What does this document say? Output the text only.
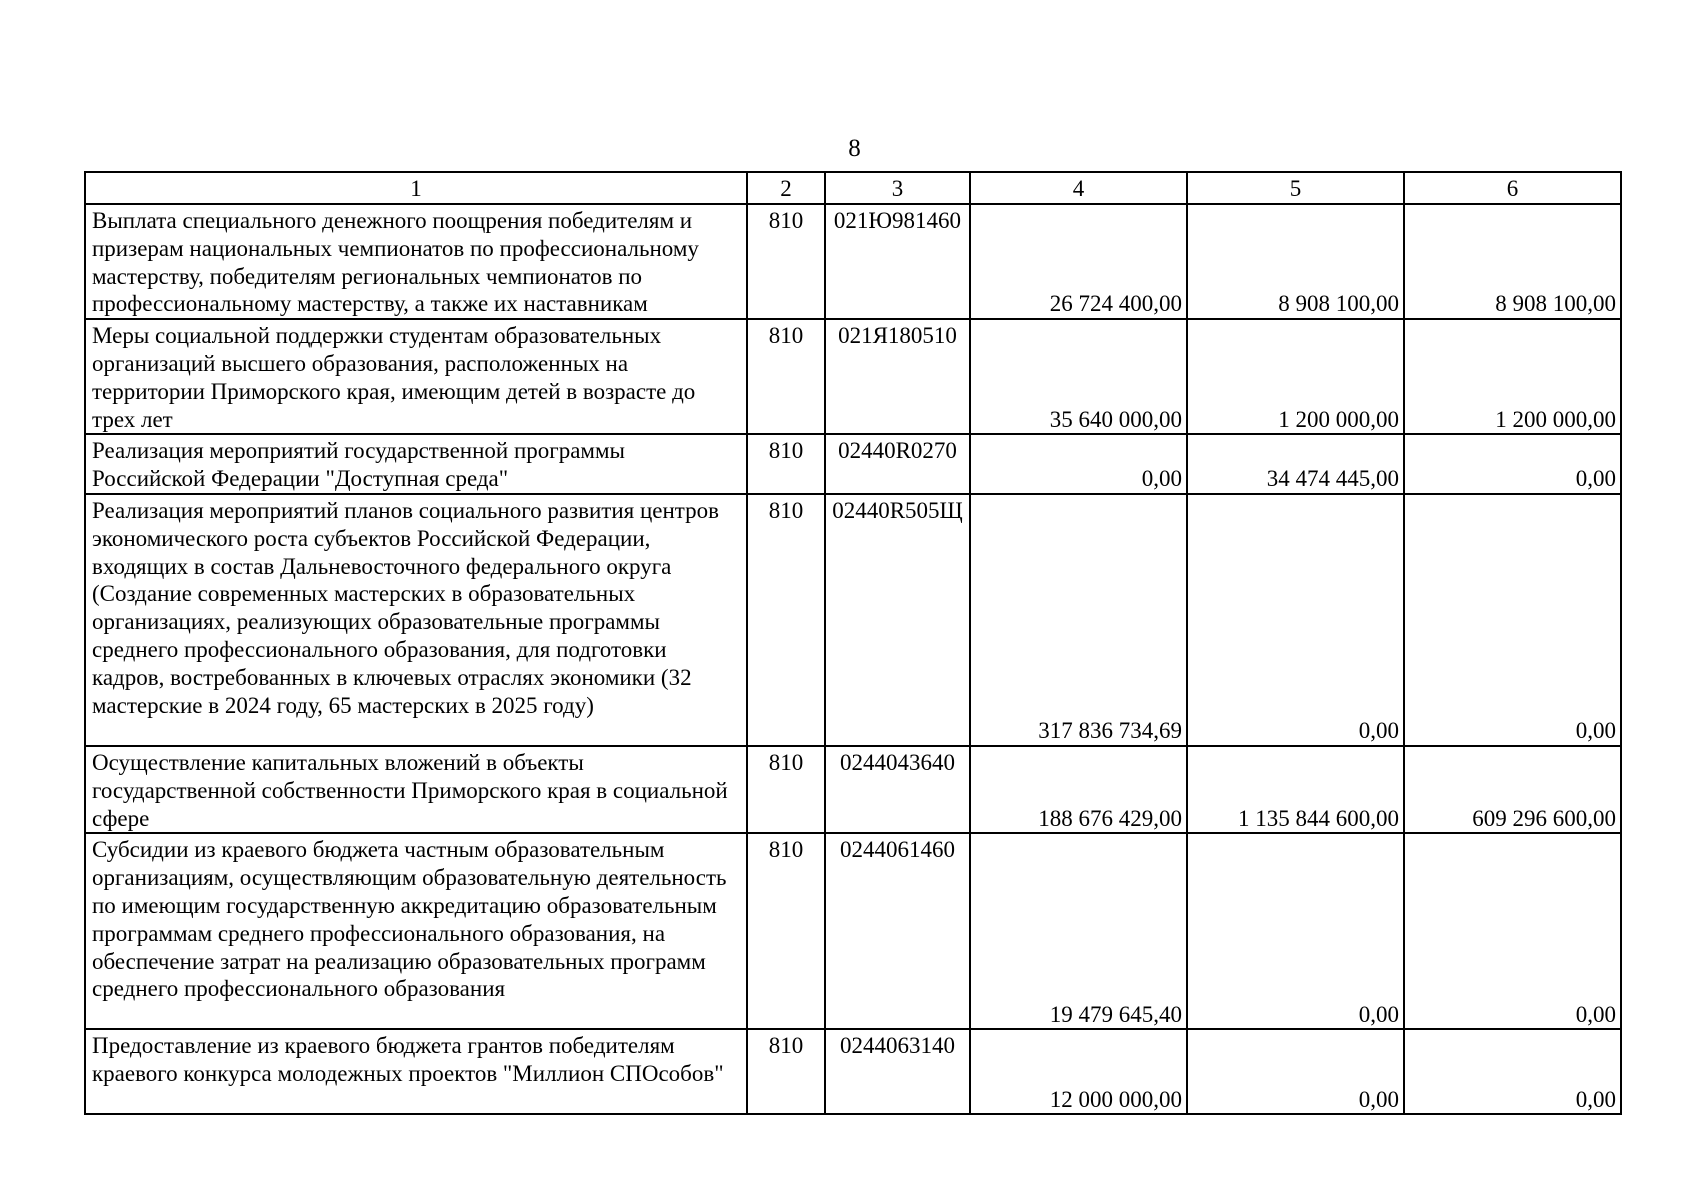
8
1	2	3	4	5	6
Выплата специального денежного поощрения победителям и призерам национальных чемпионатов по профессиональному мастерству, победителям региональных чемпионатов по профессиональному мастерству, а также их наставникам	810	021Ю981460	26 724 400,00	8 908 100,00	8 908 100,00
Меры социальной поддержки студентам образовательных организаций высшего образования, расположенных на территории Приморского края, имеющим детей в возрасте до трех лет	810	021Я180510	35 640 000,00	1 200 000,00	1 200 000,00
Реализация мероприятий государственной программы Российской Федерации "Доступная среда"	810	02440R0270	0,00	34 474 445,00	0,00
Реализация мероприятий планов социального развития центров экономического роста субъектов Российской Федерации, входящих в состав Дальневосточного федерального округа (Создание современных мастерских в образовательных организациях, реализующих образовательные программы среднего профессионального образования, для подготовки кадров, востребованных в ключевых отраслях экономики (32 мастерские в 2024 году, 65 мастерских в 2025 году)	810	02440R505Щ	317 836 734,69	0,00	0,00
Осуществление капитальных вложений в объекты государственной собственности Приморского края в социальной сфере	810	0244043640	188 676 429,00	1 135 844 600,00	609 296 600,00
Субсидии из краевого бюджета частным образовательным организациям, осуществляющим образовательную деятельность по имеющим государственную аккредитацию образовательным программам среднего профессионального образования, на обеспечение затрат на реализацию образовательных программ среднего профессионального образования	810	0244061460	19 479 645,40	0,00	0,00
Предоставление из краевого бюджета грантов победителям краевого конкурса молодежных проектов "Миллион СПОсобов"	810	0244063140	12 000 000,00	0,00	0,00
